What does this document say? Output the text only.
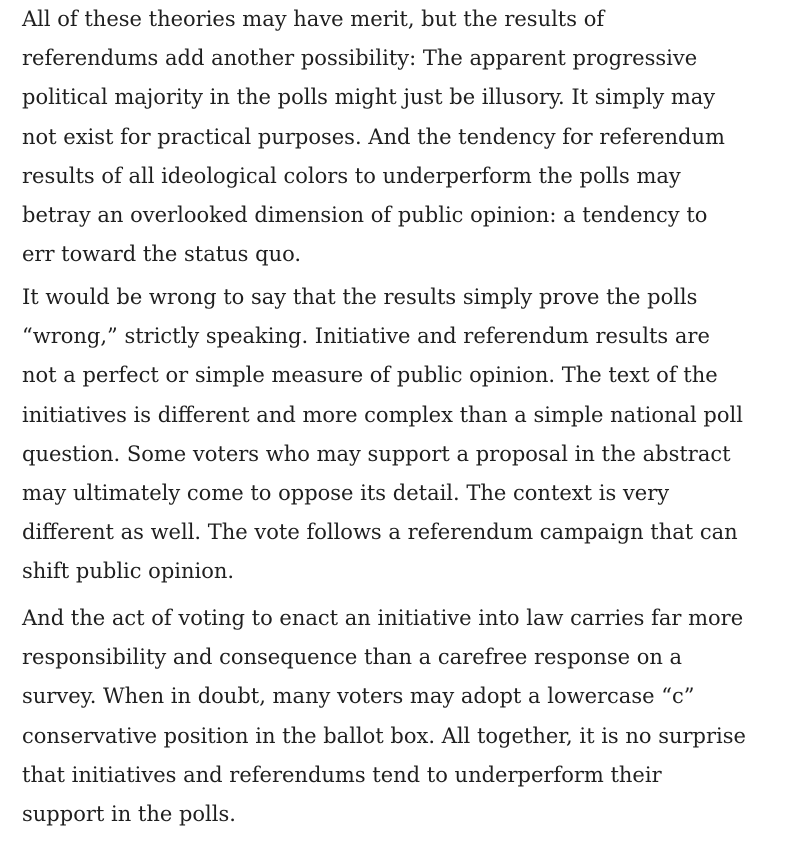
All of these theories may have merit, but the results of
referendums add another possibility: The apparent progressive
political majority in the polls might just be illusory. It simply may
not exist for practical purposes. And the tendency for referendum
results of all ideological colors to underperform the polls may
betray an overlooked dimension of public opinion: a tendency to
err toward the status quo.

It would be wrong to say that the results simply prove the polls
“wrong,” strictly speaking. Initiative and referendum results are
not a perfect or simple measure of public opinion. The text of the
initiatives is different and more complex than a simple national poll
question. Some voters who may support a proposal in the abstract
may ultimately come to oppose its detail. The context is very
different as well. The vote follows a referendum campaign that can
shift public opinion.

And the act of voting to enact an initiative into law carries far more
responsibility and consequence than a carefree response on a
survey. When in doubt, many voters may adopt a lowercase “c”
conservative position in the ballot box. All together, it is no surprise
that initiatives and referendums tend to underperform their
support in the polls.
